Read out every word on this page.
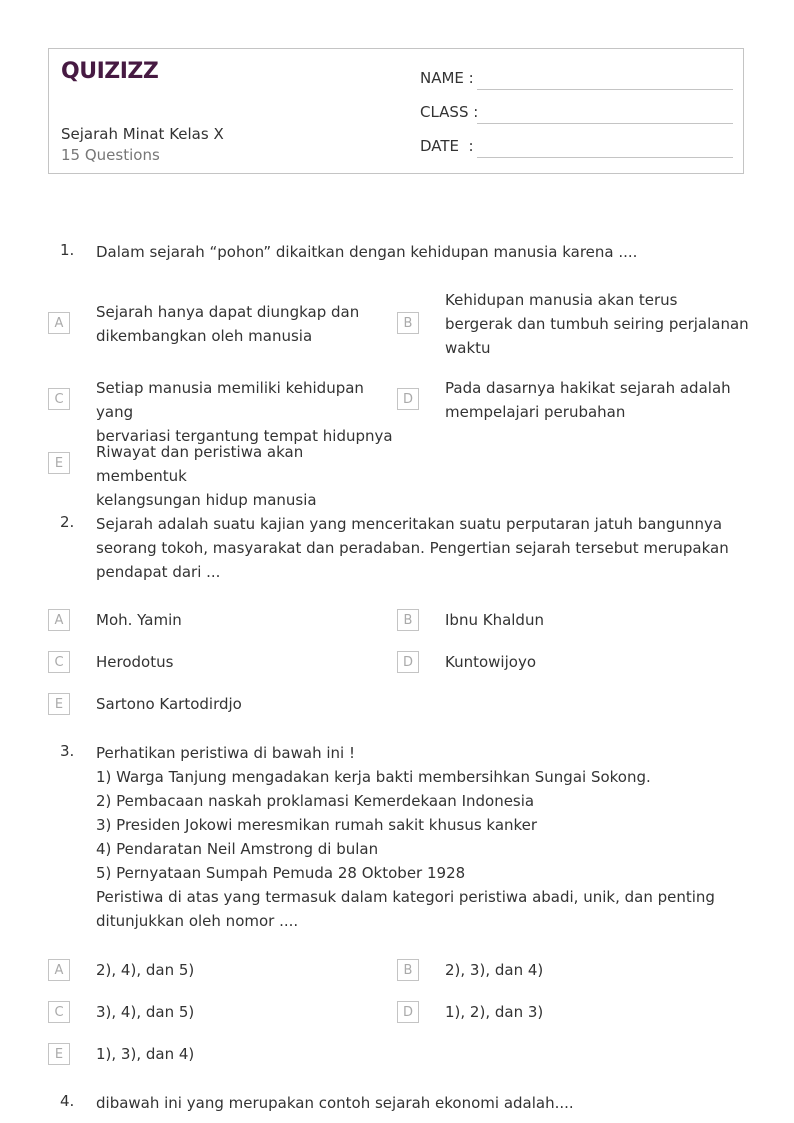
QUIZIZZ
Sejarah Minat Kelas X
15 Questions
NAME :
CLASS :
DATE  :
1. Dalam sejarah “pohon” dikaitkan dengan kehidupan manusia karena ....
A
Sejarah hanya dapat diungkap dan
dikembangkan oleh manusia
B
Kehidupan manusia akan terus
bergerak dan tumbuh seiring perjalanan
waktu
C
Setiap manusia memiliki kehidupan yang
bervariasi tergantung tempat hidupnya
D
Pada dasarnya hakikat sejarah adalah
mempelajari perubahan
E
Riwayat dan peristiwa akan membentuk
kelangsungan hidup manusia
2. Sejarah adalah suatu kajian yang menceritakan suatu perputaran jatuh bangunnya
seorang tokoh, masyarakat dan peradaban. Pengertian sejarah tersebut merupakan
pendapat dari ...
A	Moh. Yamin	B	Ibnu Khaldun
C	Herodotus	D	Kuntowijoyo
E	Sartono Kartodirdjo
3. Perhatikan peristiwa di bawah ini !
1) Warga Tanjung mengadakan kerja bakti membersihkan Sungai Sokong.
2) Pembacaan naskah proklamasi Kemerdekaan Indonesia
3) Presiden Jokowi meresmikan rumah sakit khusus kanker
4) Pendaratan Neil Amstrong di bulan
5) Pernyataan Sumpah Pemuda 28 Oktober 1928
Peristiwa di atas yang termasuk dalam kategori peristiwa abadi, unik, dan penting
ditunjukkan oleh nomor ....
A	2), 4), dan 5)	B	2), 3), dan 4)
C	3), 4), dan 5)	D	1), 2), dan 3)
E	1), 3), dan 4)
4. dibawah ini yang merupakan contoh sejarah ekonomi adalah....
